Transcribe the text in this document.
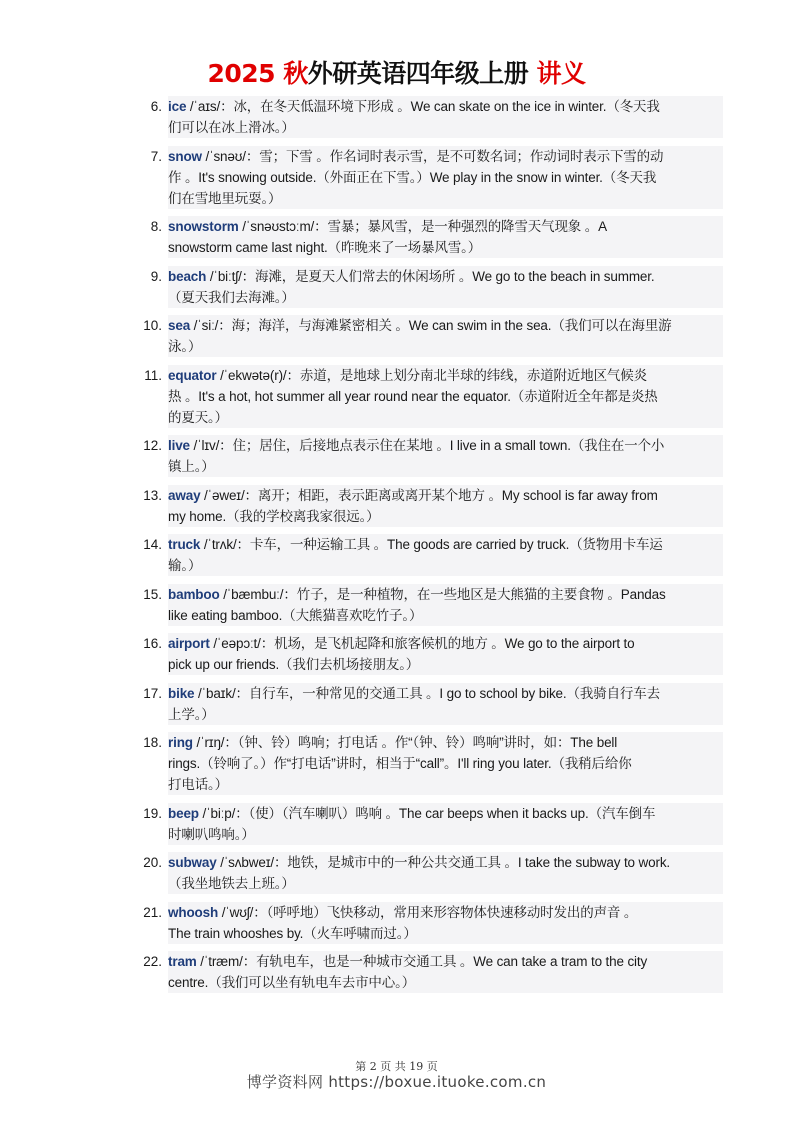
2025 秋外研英语四年级上册 讲义
6. ice /ˈaɪs/：冰，在冬天低温环境下形成 。We can skate on the ice in winter.（冬天我
们可以在冰上滑冰。）
7. snow /ˈsnəʊ/：雪；下雪 。作名词时表示雪，是不可数名词；作动词时表示下雪的动
作 。It's snowing outside.（外面正在下雪。）We play in the snow in winter.（冬天我
们在雪地里玩耍。）
8. snowstorm /ˈsnəʊstɔːm/：雪暴；暴风雪，是一种强烈的降雪天气现象 。A
snowstorm came last night.（昨晚来了一场暴风雪。）
9. beach /ˈbiːtʃ/：海滩，是夏天人们常去的休闲场所 。We go to the beach in summer.
（夏天我们去海滩。）
10. sea /ˈsiː/：海；海洋，与海滩紧密相关 。We can swim in the sea.（我们可以在海里游
泳。）
11. equator /ˈekwətə(r)/：赤道，是地球上划分南北半球的纬线，赤道附近地区气候炎
热 。It's a hot, hot summer all year round near the equator.（赤道附近全年都是炎热
的夏天。）
12. live /ˈlɪv/：住；居住，后接地点表示住在某地 。I live in a small town.（我住在一个小
镇上。）
13. away /ˈəweɪ/：离开；相距，表示距离或离开某个地方 。My school is far away from
my home.（我的学校离我家很远。）
14. truck /ˈtrʌk/：卡车，一种运输工具 。The goods are carried by truck.（货物用卡车运
输。）
15. bamboo /ˈbæmbuː/：竹子，是一种植物，在一些地区是大熊猫的主要食物 。Pandas
like eating bamboo.（大熊猫喜欢吃竹子。）
16. airport /ˈeəpɔːt/：机场，是飞机起降和旅客候机的地方 。We go to the airport to
pick up our friends.（我们去机场接朋友。）
17. bike /ˈbaɪk/：自行车，一种常见的交通工具 。I go to school by bike.（我骑自行车去
上学。）
18. ring /ˈrɪŋ/：（钟、铃）鸣响；打电话 。作“（钟、铃）鸣响”讲时，如：The bell
rings.（铃响了。）作“打电话”讲时，相当于“call”。I'll ring you later.（我稍后给你
打电话。）
19. beep /ˈbiːp/：（使）（汽车喇叭）鸣响 。The car beeps when it backs up.（汽车倒车
时喇叭鸣响。）
20. subway /ˈsʌbweɪ/：地铁，是城市中的一种公共交通工具 。I take the subway to work.
（我坐地铁去上班。）
21. whoosh /ˈwʊʃ/：（呼呼地）飞快移动，常用来形容物体快速移动时发出的声音 。
The train whooshes by.（火车呼啸而过。）
22. tram /ˈtræm/：有轨电车，也是一种城市交通工具 。We can take a tram to the city
centre.（我们可以坐有轨电车去市中心。）
第 2 页 共 19 页
博学资料网 https://boxue.ituoke.com.cn
